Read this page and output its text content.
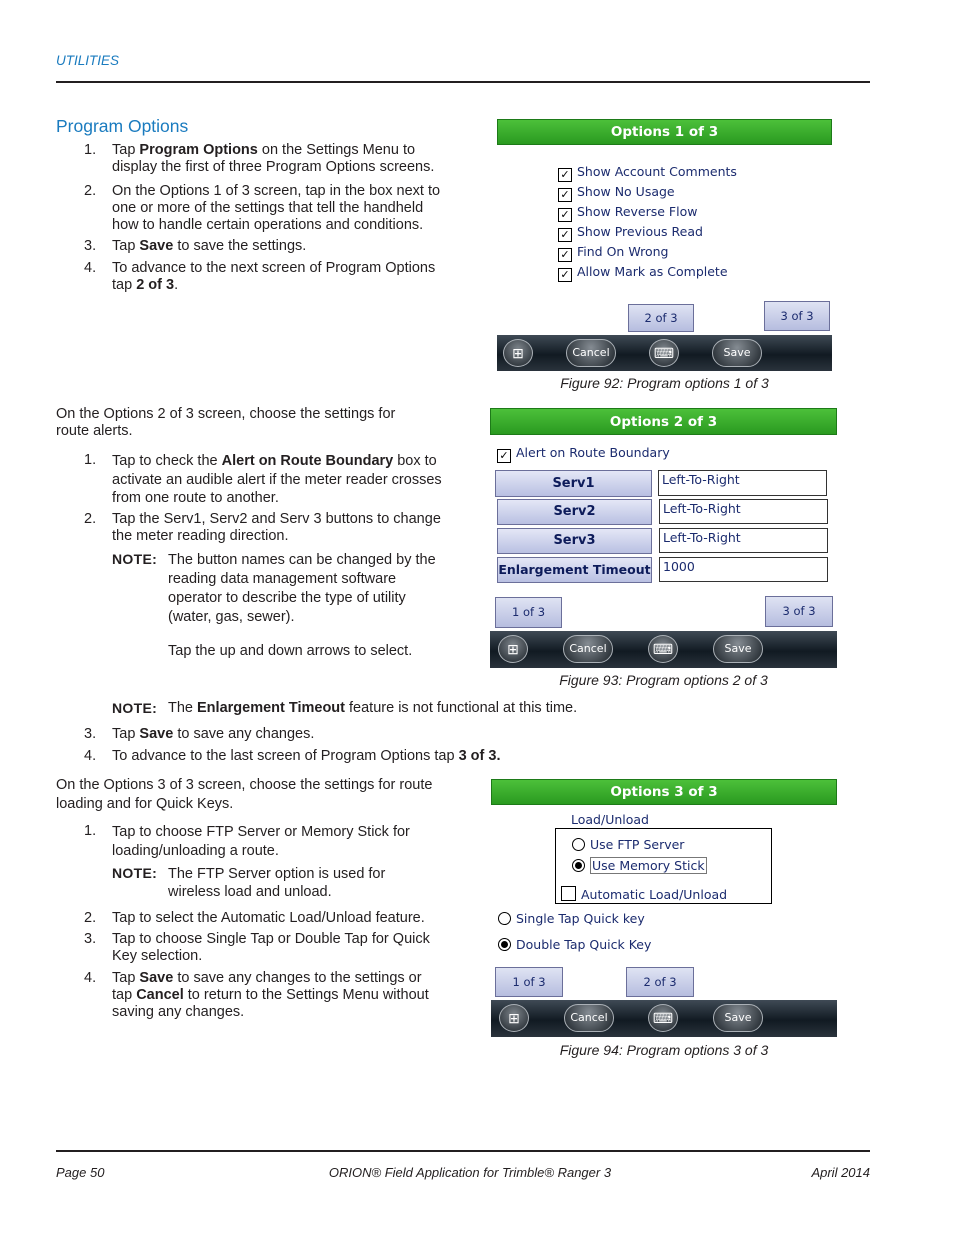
UTILITIES
Program Options
1.	Tap Program Options on the Settings Menu to display the first of three Program Options screens.
2.	On the Options 1 of 3 screen, tap in the box next to one or more of the settings that tell the handheld how to handle certain operations and conditions.
3.	Tap Save to save the settings.
4.	To advance to the next screen of Program Options tap 2 of 3.
Options 1 of 3
✓ Show Account Comments
✓ Show No Usage
✓ Show Reverse Flow
✓ Show Previous Read
✓ Find On Wrong
✓ Allow Mark as Complete
2 of 3	3 of 3
⊞	Cancel	⌨	Save
Figure 92: Program options 1 of 3
On the Options 2 of 3 screen, choose the settings for route alerts.
1.	Tap to check the Alert on Route Boundary box to activate an audible alert if the meter reader crosses from one route to another.
2.	Tap the Serv1, Serv2 and Serv 3 buttons to change the meter reading direction.
NOTE: The button names can be changed by the reading data management software operator to describe the type of utility (water, gas, sewer).
Tap the up and down arrows to select.
Options 2 of 3
✓ Alert on Route Boundary
Serv1	Left-To-Right
Serv2	Left-To-Right
Serv3	Left-To-Right
Enlargement Timeout 1000
1 of 3	3 of 3
⊞	Cancel	⌨	Save
Figure 93: Program options 2 of 3
NOTE: The Enlargement Timeout feature is not functional at this time.
3.	Tap Save to save any changes.
4.	To advance to the last screen of Program Options tap 3 of 3.
On the Options 3 of 3 screen, choose the settings for route loading and for Quick Keys.
1.	Tap to choose FTP Server or Memory Stick for loading/unloading a route.
NOTE: The FTP Server option is used for wireless load and unload.
2.	Tap to select the Automatic Load/Unload feature.
3.	Tap to choose Single Tap or Double Tap for Quick Key selection.
4.	Tap Save to save any changes to the settings or tap Cancel to return to the Settings Menu without saving any changes.
Options 3 of 3
Load/Unload
Use FTP Server
Use Memory Stick
Automatic Load/Unload
Single Tap Quick key
Double Tap Quick Key
1 of 3	2 of 3
⊞	Cancel	⌨	Save
Figure 94: Program options 3 of 3
Page 50	ORION® Field Application for Trimble® Ranger 3	April 2014
